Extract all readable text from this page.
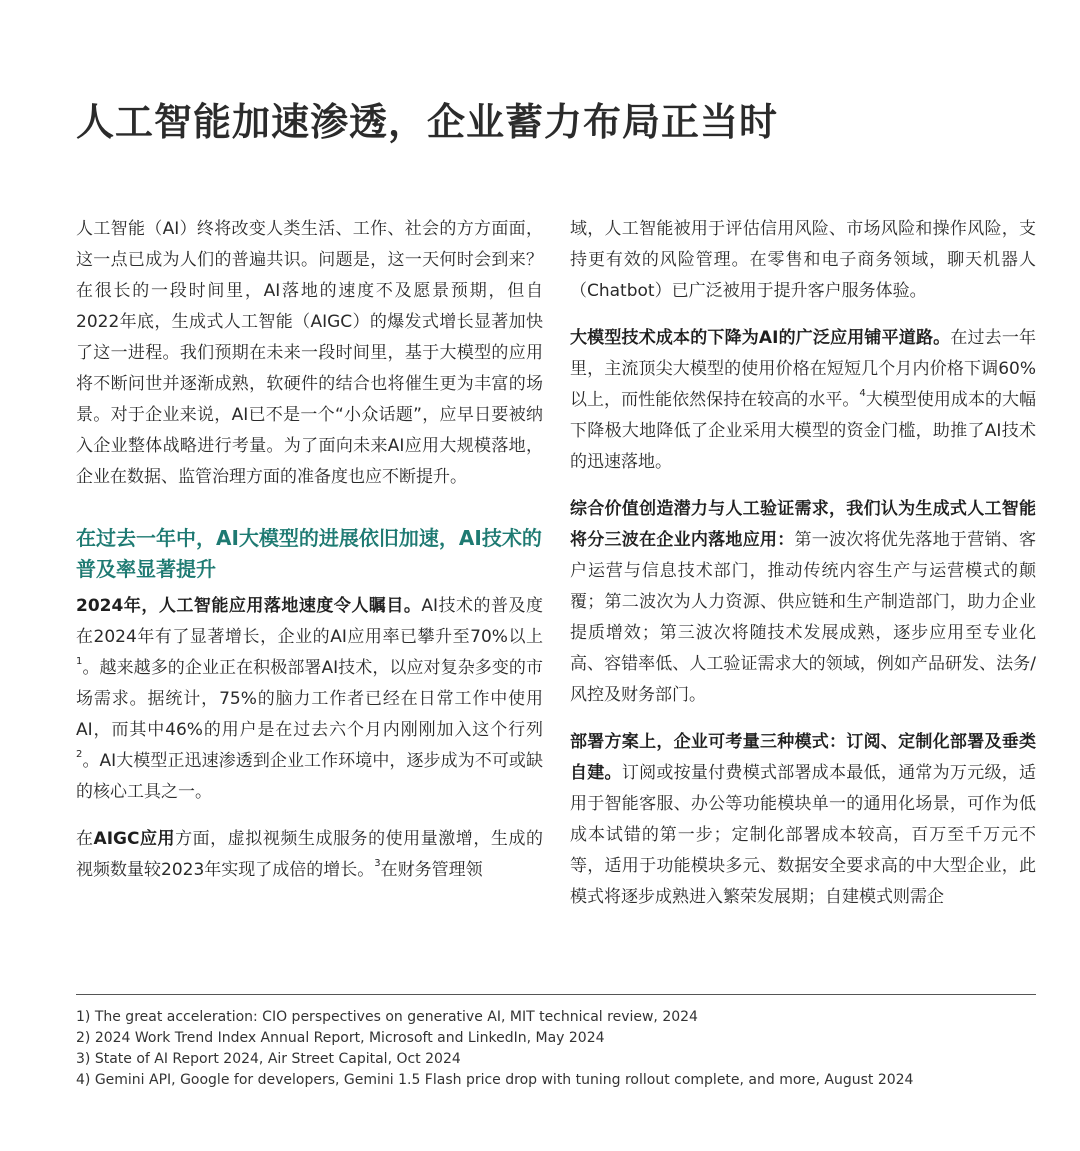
人工智能加速渗透，企业蓄力布局正当时

人工智能（AI）终将改变人类生活、工作、社会的方方面面，这一点已成为人们的普遍共识。问题是，这一天何时会到来？在很长的一段时间里，AI落地的速度不及愿景预期，但自2022年底，生成式人工智能（AIGC）的爆发式增长显著加快了这一进程。我们预期在未来一段时间里，基于大模型的应用将不断问世并逐渐成熟，软硬件的结合也将催生更为丰富的场景。对于企业来说，AI已不是一个“小众话题”，应早日要被纳入企业整体战略进行考量。为了面向未来AI应用大规模落地，企业在数据、监管治理方面的准备度也应不断提升。

在过去一年中，AI大模型的进展依旧加速，AI技术的普及率显著提升

2024年，人工智能应用落地速度令人瞩目。AI技术的普及度在2024年有了显著增长，企业的AI应用率已攀升至70%以上$^1$。越来越多的企业正在积极部署AI技术，以应对复杂多变的市场需求。据统计，75%的脑力工作者已经在日常工作中使用AI，而其中46%的用户是在过去六个月内刚刚加入这个行列$^2$。AI大模型正迅速渗透到企业工作环境中，逐步成为不可或缺的核心工具之一。

在AIGC应用方面，虚拟视频生成服务的使用量激增，生成的视频数量较2023年实现了成倍的增长。$^3$在财务管理领

域，人工智能被用于评估信用风险、市场风险和操作风险，支持更有效的风险管理。在零售和电子商务领域，聊天机器人（Chatbot）已广泛被用于提升客户服务体验。

大模型技术成本的下降为AI的广泛应用铺平道路。在过去一年里，主流顶尖大模型的使用价格在短短几个月内价格下调60%以上，而性能依然保持在较高的水平。$^4$大模型使用成本的大幅下降极大地降低了企业采用大模型的资金门槛，助推了AI技术的迅速落地。

综合价值创造潜力与人工验证需求，我们认为生成式人工智能将分三波在企业内落地应用：第一波次将优先落地于营销、客户运营与信息技术部门，推动传统内容生产与运营模式的颠覆；第二波次为人力资源、供应链和生产制造部门，助力企业提质增效；第三波次将随技术发展成熟，逐步应用至专业化高、容错率低、人工验证需求大的领域，例如产品研发、法务/风控及财务部门。

部署方案上，企业可考量三种模式：订阅、定制化部署及垂类自建。订阅或按量付费模式部署成本最低，通常为万元级，适用于智能客服、办公等功能模块单一的通用化场景，可作为低成本试错的第一步；定制化部署成本较高，百万至千万元不等，适用于功能模块多元、数据安全要求高的中大型企业，此模式将逐步成熟进入繁荣发展期；自建模式则需企

1) The great acceleration: CIO perspectives on generative AI, MIT technical review, 2024
2) 2024 Work Trend Index Annual Report, Microsoft and LinkedIn, May 2024
3) State of AI Report 2024, Air Street Capital, Oct 2024
4) Gemini API, Google for developers, Gemini 1.5 Flash price drop with tuning rollout complete, and more, August 2024
